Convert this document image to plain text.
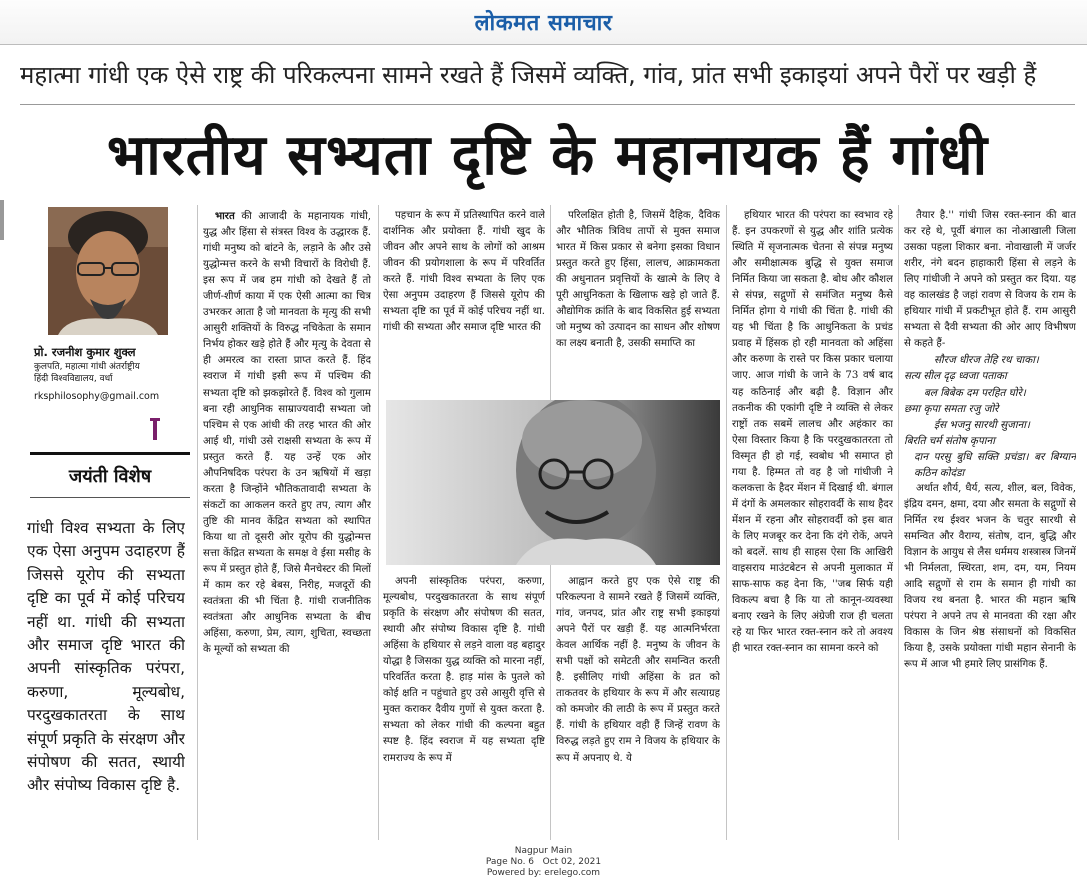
लोकमत समाचार
महात्मा गांधी एक ऐसे राष्ट्र की परिकल्पना सामने रखते हैं जिसमें व्यक्ति, गांव, प्रांत सभी इकाइयां अपने पैरों पर खड़ी हैं
भारतीय सभ्यता दृष्टि के महानायक हैं गांधी
प्रो. रजनीश कुमार शुक्ल
कुलपति, महात्मा गांधी अंतर्राष्ट्रीय
हिंदी विश्वविद्यालय, वर्धा
rksphilosophy@gmail.com
जयंती विशेष
गांधी विश्व सभ्यता के लिए एक ऐसा अनुपम उदाहरण हैं जिससे यूरोप की सभ्यता दृष्टि का पूर्व में कोई परिचय नहीं था. गांधी की सभ्यता और समाज दृष्टि भारत की अपनी सांस्कृतिक परंपरा, करुणा, मूल्यबोध, परदुखकातरता के साथ संपूर्ण प्रकृति के संरक्षण और संपोषण की सतत, स्थायी और संपोष्य विकास दृष्टि है.

भारत की आजादी के महानायक गांधी, युद्ध और हिंसा से संत्रस्त विश्व के उद्धारक हैं. गांधी मनुष्य को बांटने के, लड़ाने के और उसे युद्धोन्मत्त करने के सभी विचारों के विरोधी हैं. इस रूप में जब हम गांधी को देखते हैं तो जीर्ण-शीर्ण काया में एक ऐसी आत्मा का चित्र उभरकर आता है जो मानवता के मृत्यु की सभी आसुरी शक्तियों के विरुद्ध नचिकेता के समान निर्भय होकर खड़े होते हैं और मृत्यु के देवता से ही अमरत्व का रास्ता प्राप्त करते हैं. हिंद स्वराज में गांधी इसी रूप में पश्चिम की सभ्यता दृष्टि को झकझोरते हैं. विश्व को गुलाम बना रही आधुनिक साम्राज्यवादी सभ्यता जो पश्चिम से एक आंधी की तरह भारत की ओर आई थी, गांधी उसे राक्षसी सभ्यता के रूप में प्रस्तुत करते हैं. यह उन्हें एक ओर औपनिषदिक परंपरा के उन ऋषियों में खड़ा करता है जिन्होंने भौतिकतावादी सभ्यता के संकटों का आकलन करते हुए तप, त्याग और तुष्टि की मानव केंद्रित सभ्यता को स्थापित किया था तो दूसरी ओर यूरोप की युद्धोन्मत्त सत्ता केंद्रित सभ्यता के समक्ष वे ईसा मसीह के रूप में प्रस्तुत होते हैं, जिसे मैनचेस्टर की मिलों में काम कर रहे बेबस, निरीह, मजदूरों की स्वतंत्रता की भी चिंता है. गांधी राजनीतिक स्वतंत्रता और आधुनिक सभ्यता के बीच अहिंसा, करुणा, प्रेम, त्याग, शुचिता, स्वच्छता के मूल्यों को सभ्यता की

पहचान के रूप में प्रतिस्थापित करने वाले दार्शनिक और प्रयोक्ता हैं. गांधी खुद के जीवन और अपने साथ के लोगों को आश्रम जीवन की प्रयोगशाला के रूप में परिवर्तित करते हैं. गांधी विश्व सभ्यता के लिए एक ऐसा अनुपम उदाहरण हैं जिससे यूरोप की सभ्यता दृष्टि का पूर्व में कोई परिचय नहीं था. गांधी की सभ्यता और समाज दृष्टि भारत की

परिलक्षित होती है, जिसमें दैहिक, दैविक और भौतिक त्रिविध तापों से मुक्त समाज भारत में किस प्रकार से बनेगा इसका विधान प्रस्तुत करते हुए हिंसा, लालच, आक्रामकता की अधुनातन प्रवृत्तियों के खात्मे के लिए वे पूरी आधुनिकता के खिलाफ खड़े हो जाते हैं. औद्योगिक क्रांति के बाद विकसित हुई सभ्यता जो मनुष्य को उत्पादन का साधन और शोषण का लक्ष्य बनाती है, उसकी समाप्ति का

अपनी सांस्कृतिक परंपरा, करुणा, मूल्यबोध, परदुखकातरता के साथ संपूर्ण प्रकृति के संरक्षण और संपोषण की सतत, स्थायी और संपोष्य विकास दृष्टि है. गांधी अहिंसा के हथियार से लड़ने वाला वह बहादुर योद्धा है जिसका युद्ध व्यक्ति को मारना नहीं, परिवर्तित करता है. हाड़ मांस के पुतले को कोई क्षति न पहुंचाते हुए उसे आसुरी वृत्ति से मुक्त कराकर दैवीय गुणों से युक्त करता है. सभ्यता को लेकर गांधी की कल्पना बहुत स्पष्ट है. हिंद स्वराज में यह सभ्यता दृष्टि रामराज्य के रूप में

आह्वान करते हुए एक ऐसे राष्ट्र की परिकल्पना वे सामने रखते हैं जिसमें व्यक्ति, गांव, जनपद, प्रांत और राष्ट्र सभी इकाइयां अपने पैरों पर खड़ी हैं. यह आत्मनिर्भरता केवल आर्थिक नहीं है. मनुष्य के जीवन के सभी पक्षों को समेटती और समन्वित करती है. इसीलिए गांधी अहिंसा के व्रत को ताकतवर के हथियार के रूप में और सत्याग्रह को कमजोर की लाठी के रूप में प्रस्तुत करते हैं. गांधी के हथियार वही हैं जिन्हें रावण के विरुद्ध लड़ते हुए राम ने विजय के हथियार के रूप में अपनाए थे. ये

हथियार भारत की परंपरा का स्वभाव रहे हैं. इन उपकरणों से युद्ध और शांति प्रत्येक स्थिति में सृजनात्मक चेतना से संपन्न मनुष्य और समीक्षात्मक बुद्धि से युक्त समाज निर्मित किया जा सकता है. बोध और कौशल से संपन्न, सद्गुणों से समंजित मनुष्य कैसे निर्मित होगा ये गांधी की चिंता है. गांधी की यह भी चिंता है कि आधुनिकता के प्रचंड प्रवाह में हिंसक हो रही मानवता को अहिंसा और करुणा के रास्ते पर किस प्रकार चलाया जाए. आज गांधी के जाने के 73 वर्ष बाद यह कठिनाई और बढ़ी है. विज्ञान और तकनीक की एकांगी दृष्टि ने व्यक्ति से लेकर राष्ट्रों तक सबमें लालच और अहंकार का ऐसा विस्तार किया है कि परदुखकातरता तो विस्मृत ही हो गई, स्वबोध भी समाप्त हो गया है. हिम्मत तो वह है जो गांधीजी ने कलकत्ता के हैदर मेंशन में दिखाई थी. बंगाल में दंगों के अमलकार सोहरावर्दी के साथ हैदर मेंशन में रहना और सोहरावर्दी को इस बात के लिए मजबूर कर देना कि दंगे रोकें, अपने को बदलें. साथ ही साहस ऐसा कि आखिरी वाइसराय माउंटबेटन से अपनी मुलाकात में साफ-साफ कह देना कि, ''जब सिर्फ यही विकल्प बचा है कि या तो कानून-व्यवस्था बनाए रखने के लिए अंग्रेजी राज ही चलता रहे या फिर भारत रक्त-स्नान करे तो अवश्य ही भारत रक्त-स्नान का सामना करने को

तैयार है.'' गांधी जिस रक्त-स्नान की बात कर रहे थे, पूर्वी बंगाल का नोआखाली जिला उसका पहला शिकार बना. नोवाखाली में जर्जर शरीर, नंगे बदन हाहाकारी हिंसा से लड़ने के लिए गांधीजी ने अपने को प्रस्तुत कर दिया. यह वह कालखंड है जहां रावण से विजय के राम के हथियार गांधी में प्रकटीभूत होते हैं. राम आसुरी सभ्यता से दैवी सभ्यता की ओर आए विभीषण से कहते हैं-

सौरज धीरज तेहि रथ चाका।
सत्य सील दृढ़ ध्वजा पताका
बल बिबेक दम परहित घोरे।
छमा कृपा समता रजु जोरे
ईस भजनु सारथी सुजाना।
बिरति चर्म संतोष कृपाना
दान परसु बुधि सक्ति प्रचंडा। बर बिग्यान कठिन कोदंडा

अर्थात शौर्य, धैर्य, सत्य, शील, बल, विवेक, इंद्रिय दमन, क्षमा, दया और समता के सद्गुणों से निर्मित रथ ईश्वर भजन के चतुर सारथी से समन्वित और वैराग्य, संतोष, दान, बुद्धि और विज्ञान के आयुध से लैस धर्ममय शस्त्रास्त्र जिनमें भी निर्मलता, स्थिरता, शम, दम, यम, नियम आदि सद्गुणों से राम के समान ही गांधी का विजय रथ बनता है. भारत की महान ऋषि परंपरा ने अपने तप से मानवता की रक्षा और विकास के जिन श्रेष्ठ संसाधनों को विकसित किया है, उसके प्रयोक्ता गांधी महान सेनानी के रूप में आज भी हमारे लिए प्रासंगिक हैं.

Nagpur Main
Page No. 6   Oct 02, 2021
Powered by: erelego.com
